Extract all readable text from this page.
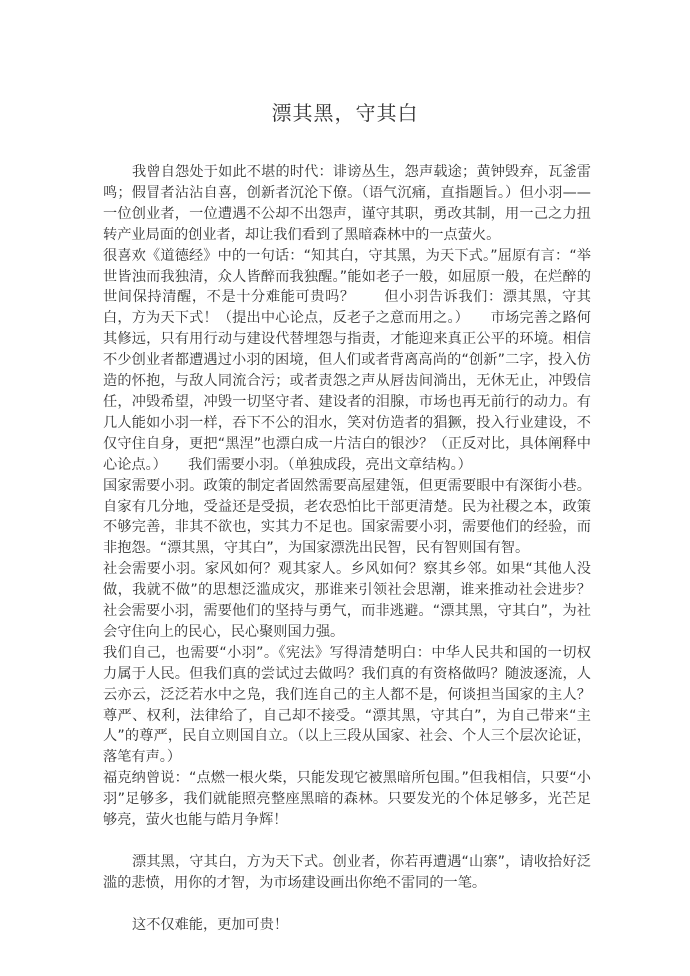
漂其黑，守其白

我曾自怨处于如此不堪的时代：诽谤丛生，怨声载途；黄钟毁弃，瓦釜雷鸣；假冒者沾沾自喜，创新者沉沦下僚。（语气沉痛，直指题旨。）但小羽——一位创业者，一位遭遇不公却不出怨声，谨守其职，勇改其制，用一己之力扭转产业局面的创业者，却让我们看到了黑暗森林中的一点萤火。

很喜欢《道德经》中的一句话：“知其白，守其黑，为天下式。”屈原有言：“举世皆浊而我独清，众人皆醉而我独醒。”能如老子一般，如屈原一般，在烂醉的世间保持清醒，不是十分难能可贵吗？　　但小羽告诉我们：漂其黑，守其白，方为天下式！（提出中心论点，反老子之意而用之。）　　市场完善之路何其修远，只有用行动与建设代替埋怨与指责，才能迎来真正公平的环境。相信不少创业者都遭遇过小羽的困境，但人们或者背离高尚的“创新”二字，投入仿造的怀抱，与敌人同流合污；或者责怨之声从唇齿间淌出，无休无止，冲毁信任，冲毁希望，冲毁一切坚守者、建设者的泪腺，市场也再无前行的动力。有几人能如小羽一样，吞下不公的泪水，笑对仿造者的猖獗，投入行业建设，不仅守住自身，更把“黑涅”也漂白成一片洁白的银沙？（正反对比，具体阐释中心论点。）　　我们需要小羽。（单独成段，亮出文章结构。）

国家需要小羽。政策的制定者固然需要高屋建瓴，但更需要眼中有深街小巷。自家有几分地，受益还是受损，老农恐怕比干部更清楚。民为社稷之本，政策不够完善，非其不欲也，实其力不足也。国家需要小羽，需要他们的经验，而非抱怨。“漂其黑，守其白”，为国家漂洗出民智，民有智则国有智。

社会需要小羽。家风如何？观其家人。乡风如何？察其乡邻。如果“其他人没做，我就不做”的思想泛滥成灾，那谁来引领社会思潮，谁来推动社会进步？社会需要小羽，需要他们的坚持与勇气，而非逃避。“漂其黑，守其白”，为社会守住向上的民心，民心聚则国力强。

我们自己，也需要“小羽”。《宪法》写得清楚明白：中华人民共和国的一切权力属于人民。但我们真的尝试过去做吗？我们真的有资格做吗？随波逐流，人云亦云，泛泛若水中之凫，我们连自己的主人都不是，何谈担当国家的主人？尊严、权利，法律给了，自己却不接受。“漂其黑，守其白”，为自己带来“主人”的尊严，民自立则国自立。（以上三段从国家、社会、个人三个层次论证，落笔有声。）

福克纳曾说：“点燃一根火柴，只能发现它被黑暗所包围。”但我相信，只要“小羽”足够多，我们就能照亮整座黑暗的森林。只要发光的个体足够多，光芒足够亮，萤火也能与皓月争辉！

漂其黑，守其白，方为天下式。创业者，你若再遭遇“山寨”，请收拾好泛滥的悲愤，用你的才智，为市场建设画出你绝不雷同的一笔。

这不仅难能，更加可贵！
